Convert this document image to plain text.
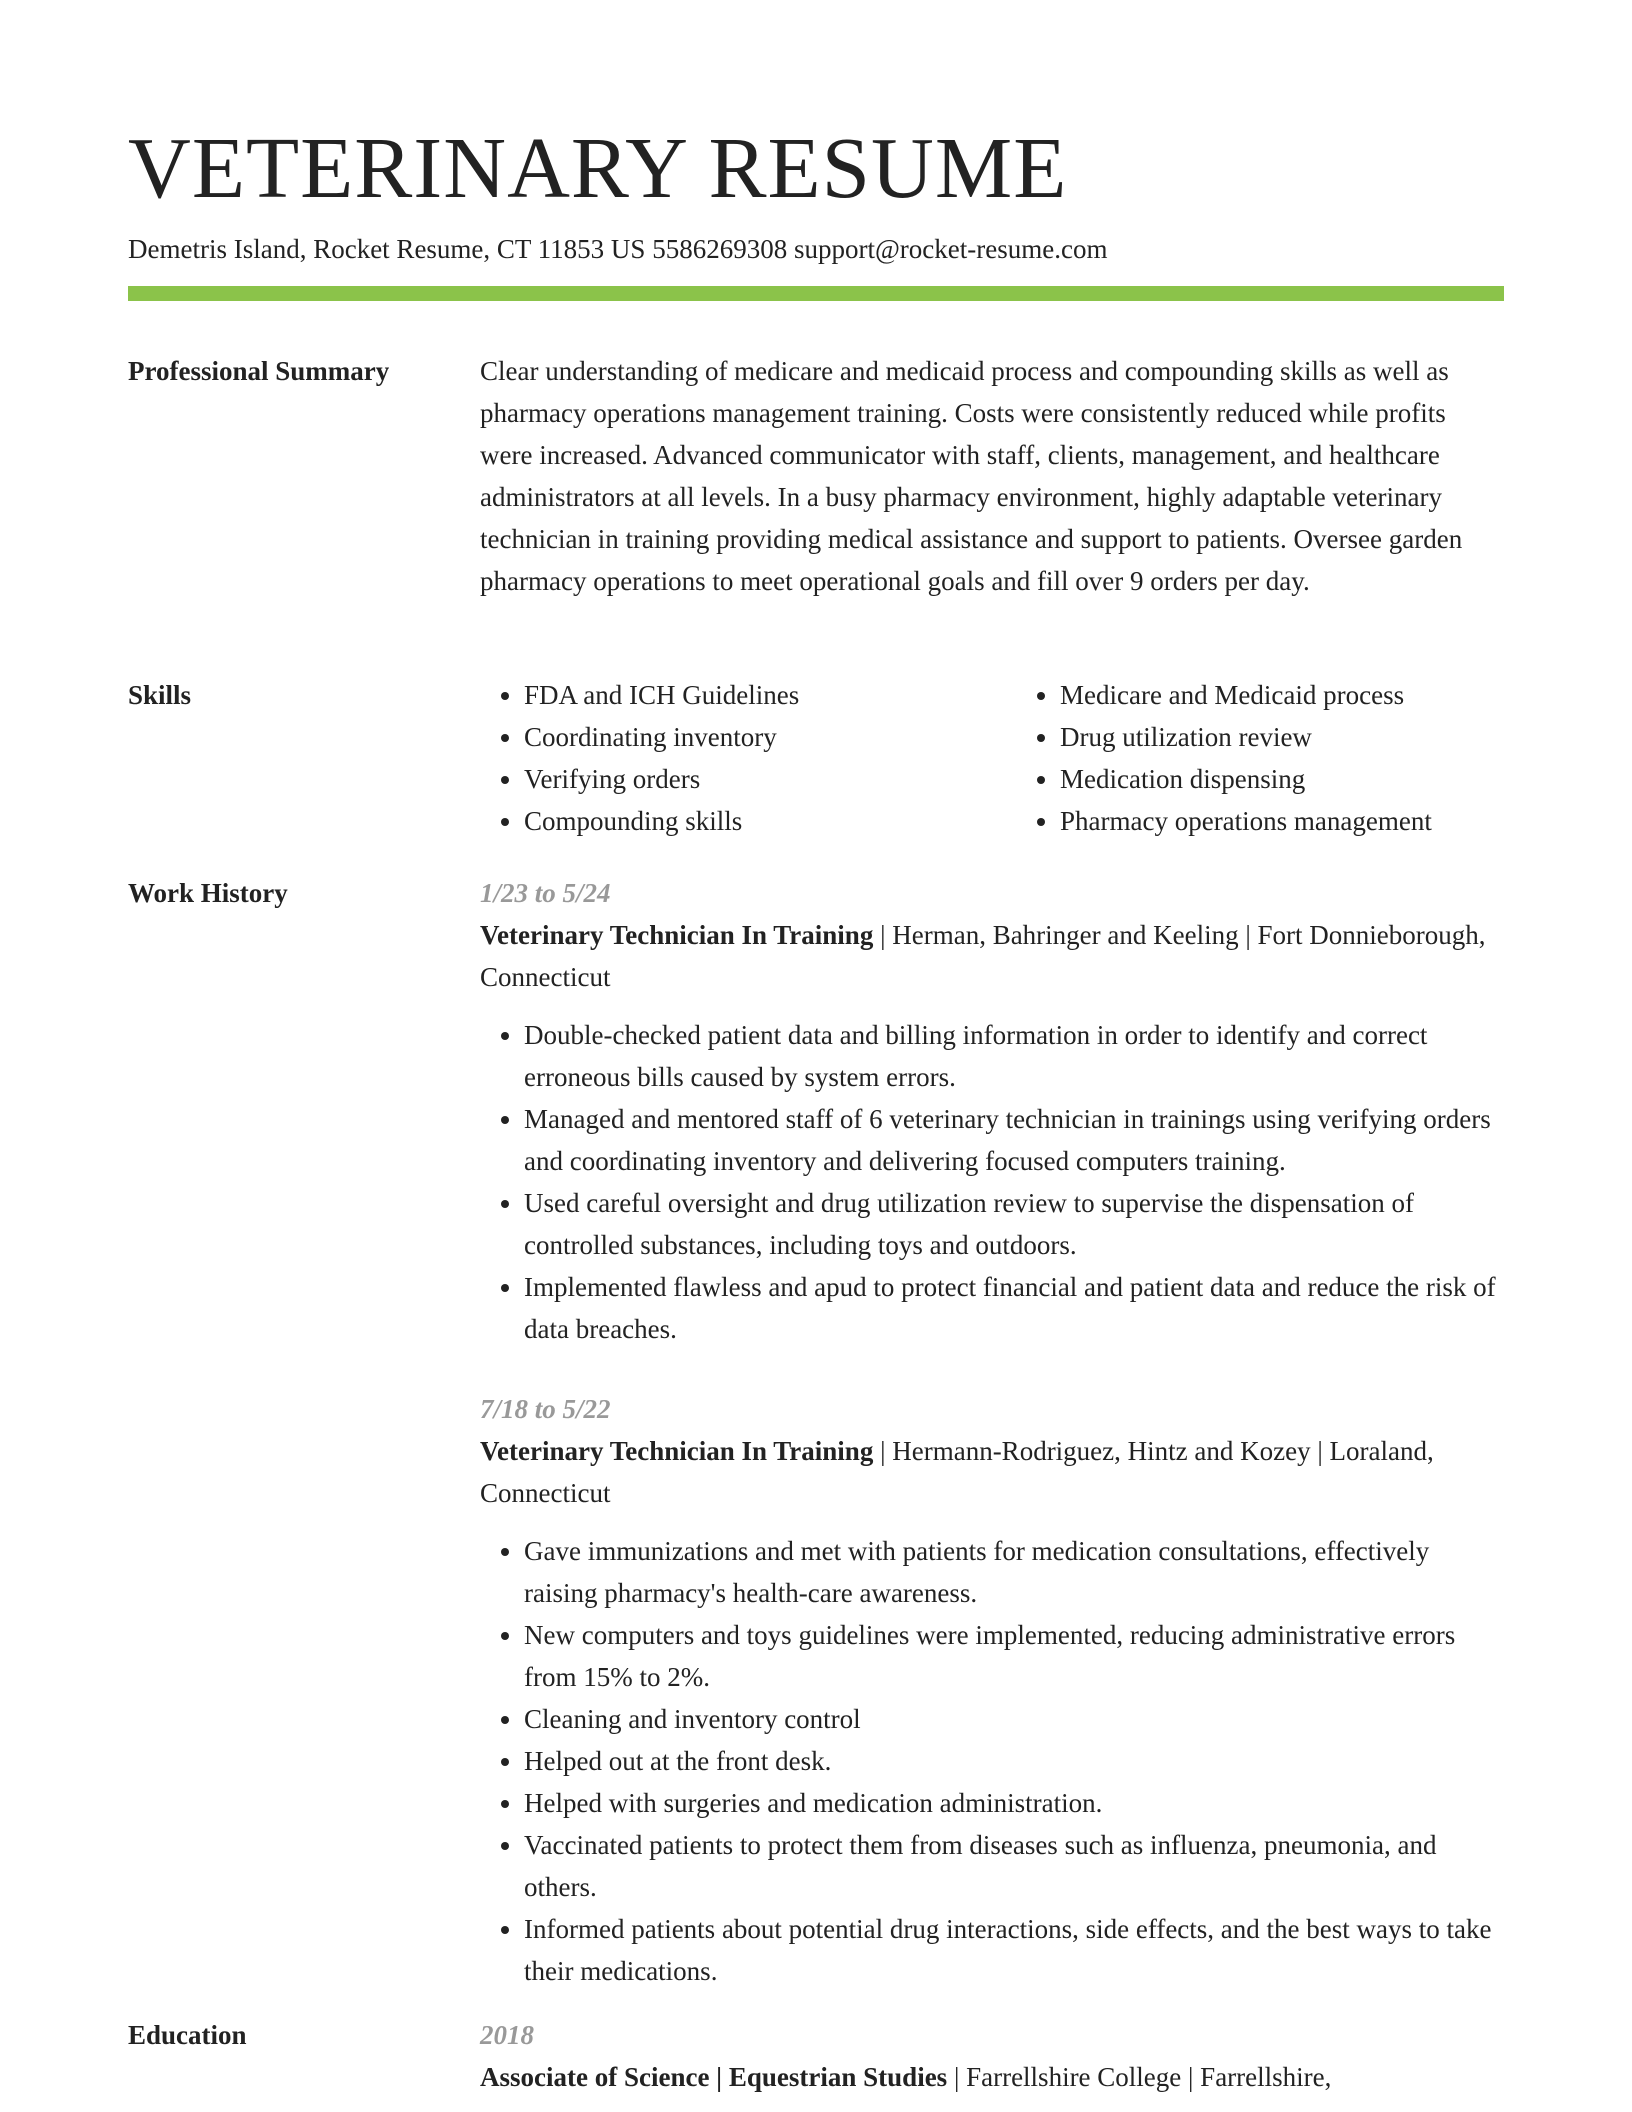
VETERINARY RESUME
Demetris Island, Rocket Resume, CT 11853 US 5586269308 support@rocket-resume.com
Professional Summary	Clear understanding of medicare and medicaid process and compounding skills as well as pharmacy operations management training. Costs were consistently reduced while profits were increased. Advanced communicator with staff, clients, management, and healthcare administrators at all levels. In a busy pharmacy environment, highly adaptable veterinary technician in training providing medical assistance and support to patients. Oversee garden pharmacy operations to meet operational goals and fill over 9 orders per day.

Skills
•	FDA and ICH Guidelines
• Coordinating inventory
• Verifying orders
• Compounding skills
• Medicare and Medicaid process
• Drug utilization review
• Medication dispensing
• Pharmacy operations management
Work History	1/23 to 5/24
Veterinary Technician In Training | Herman, Bahringer and Keeling | Fort Donnieborough, Connecticut
• Double-checked patient data and billing information in order to identify and correct erroneous bills caused by system errors.
• Managed and mentored staff of 6 veterinary technician in trainings using verifying orders and coordinating inventory and delivering focused computers training.
• Used careful oversight and drug utilization review to supervise the dispensation of controlled substances, including toys and outdoors.
• Implemented flawless and apud to protect financial and patient data and reduce the risk of data breaches.
7/18 to 5/22
Veterinary Technician In Training | Hermann-Rodriguez, Hintz and Kozey | Loraland, Connecticut
• Gave immunizations and met with patients for medication consultations, effectively raising pharmacy's health-care awareness.
• New computers and toys guidelines were implemented, reducing administrative errors from 15% to 2%.
• Cleaning and inventory control
• Helped out at the front desk.
• Helped with surgeries and medication administration.
• Vaccinated patients to protect them from diseases such as influenza, pneumonia, and others.
• Informed patients about potential drug interactions, side effects, and the best ways to take their medications.
Education	2018
Associate of Science | Equestrian Studies | Farrellshire College | Farrellshire,
